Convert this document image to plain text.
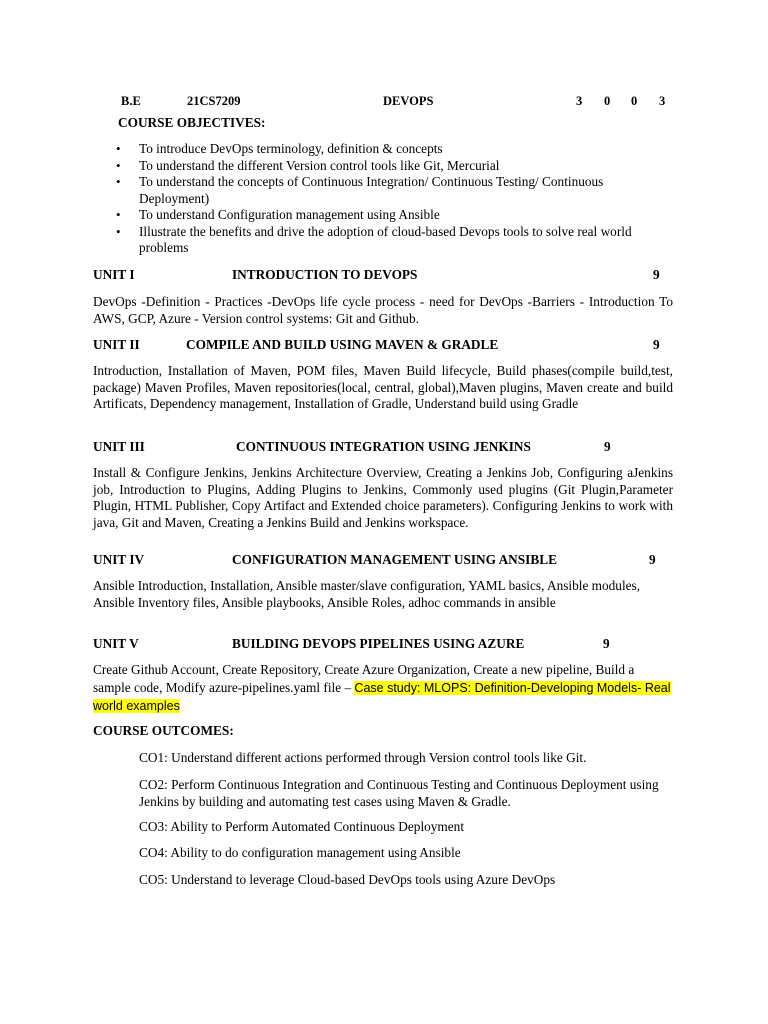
B.E	21CS7209	DEVOPS	3 0 0 3
COURSE OBJECTIVES:
• To introduce DevOps terminology, definition & concepts
• To understand the different Version control tools like Git, Mercurial
• To understand the concepts of Continuous Integration/ Continuous Testing/ Continuous Deployment)
• To understand Configuration management using Ansible
• Illustrate the benefits and drive the adoption of cloud-based Devops tools to solve real world problems
UNIT I	INTRODUCTION TO DEVOPS	9
DevOps -Definition - Practices -DevOps life cycle process - need for DevOps -Barriers - Introduction To AWS, GCP, Azure - Version control systems: Git and Github.
UNIT II	COMPILE AND BUILD USING MAVEN & GRADLE	9
Introduction, Installation of Maven, POM files, Maven Build lifecycle, Build phases(compile build,test, package) Maven Profiles, Maven repositories(local, central, global),Maven plugins, Maven create and build Artificats, Dependency management, Installation of Gradle, Understand build using Gradle
UNIT III	CONTINUOUS INTEGRATION USING JENKINS	9
Install & Configure Jenkins, Jenkins Architecture Overview, Creating a Jenkins Job, Configuring aJenkins job, Introduction to Plugins, Adding Plugins to Jenkins, Commonly used plugins (Git Plugin,Parameter Plugin, HTML Publisher, Copy Artifact and Extended choice parameters). Configuring Jenkins to work with java, Git and Maven, Creating a Jenkins Build and Jenkins workspace.
UNIT IV	CONFIGURATION MANAGEMENT USING ANSIBLE	9
Ansible Introduction, Installation, Ansible master/slave configuration, YAML basics, Ansible modules, Ansible Inventory files, Ansible playbooks, Ansible Roles, adhoc commands in ansible
UNIT V	BUILDING DEVOPS PIPELINES USING AZURE	9
Create Github Account, Create Repository, Create Azure Organization, Create a new pipeline, Build a sample code, Modify azure-pipelines.yaml file – Case study: MLOPS: Definition-Developing Models- Real world examples
COURSE OUTCOMES:
CO1: Understand different actions performed through Version control tools like Git.
CO2: Perform Continuous Integration and Continuous Testing and Continuous Deployment using Jenkins by building and automating test cases using Maven & Gradle.
CO3: Ability to Perform Automated Continuous Deployment
CO4: Ability to do configuration management using Ansible
CO5: Understand to leverage Cloud-based DevOps tools using Azure DevOps
